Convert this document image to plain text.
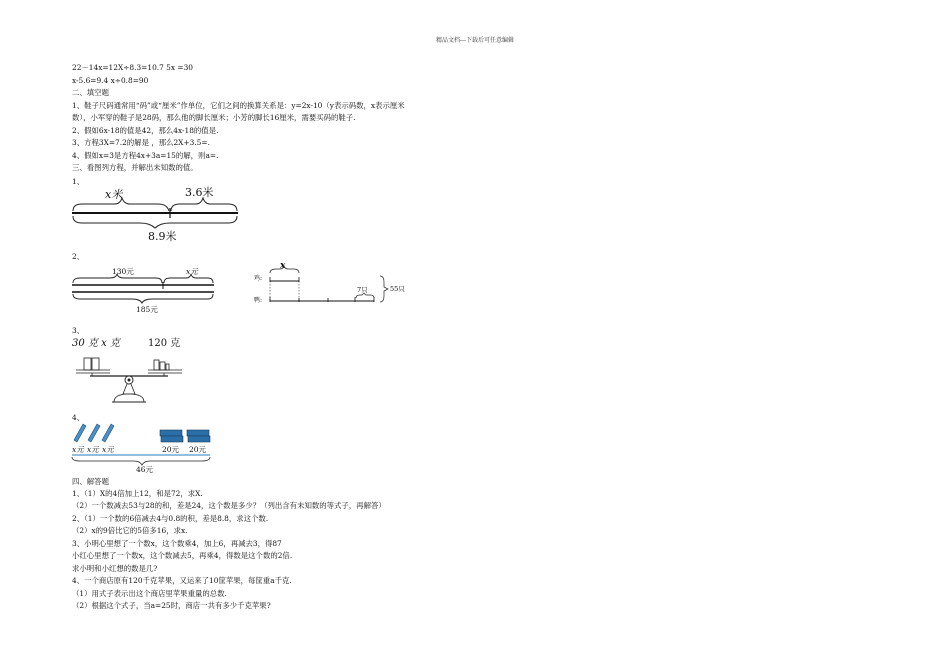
精品文档---下载后可任意编辑
22－14x=12X÷8.3=10.7 5x =30
x-5.6=9.4 x÷0.8=90
二、填空题
1、鞋子尺码通常用“码”或“厘米”作单位，它们之间的换算关系是：y=2x-10（y表示码数，x表示厘米
数），小军穿的鞋子是28码，那么他的脚长厘米；小芳的脚长16厘米，需要买码的鞋子.
2、假如6x-18的值是42，那么4x-18的值是.
3、方程3X=7.2的解是 ，那么2X+3.5=.
4、假如x=3是方程4x+3a=15的解，则a=.
三、看图列方程，并解出未知数的值。
1、
x米	3.6米
8.9米
2、
130元	x元
185元
x
鸡:
鸭:
7只	55只
3、
30 克 x 克	120 克
4、
x元 x元 x元	20元 20元
46元
四、解答题
1、（1）X的4倍加上12，和是72，求X.
（2）一个数减去53与28的和，差是24，这个数是多少？（列出含有未知数的等式子，再解答）
2、（1）一个数的6倍减去4与0.8的积，差是8.8，求这个数.
（2）x的9倍比它的5倍多16，求x.
3、小明心里想了一个数x，这个数乘4，加上6，再减去3，得87
小红心里想了一个数x，这个数减去5，再乘4，得数是这个数的2倍.
求小明和小红想的数是几?
4、一个商店原有120千克苹果，又运来了10筐苹果，每筐重a千克.
（1）用式子表示出这个商店里苹果重量的总数.
（2）根据这个式子，当a=25时，商店一共有多少千克苹果?
